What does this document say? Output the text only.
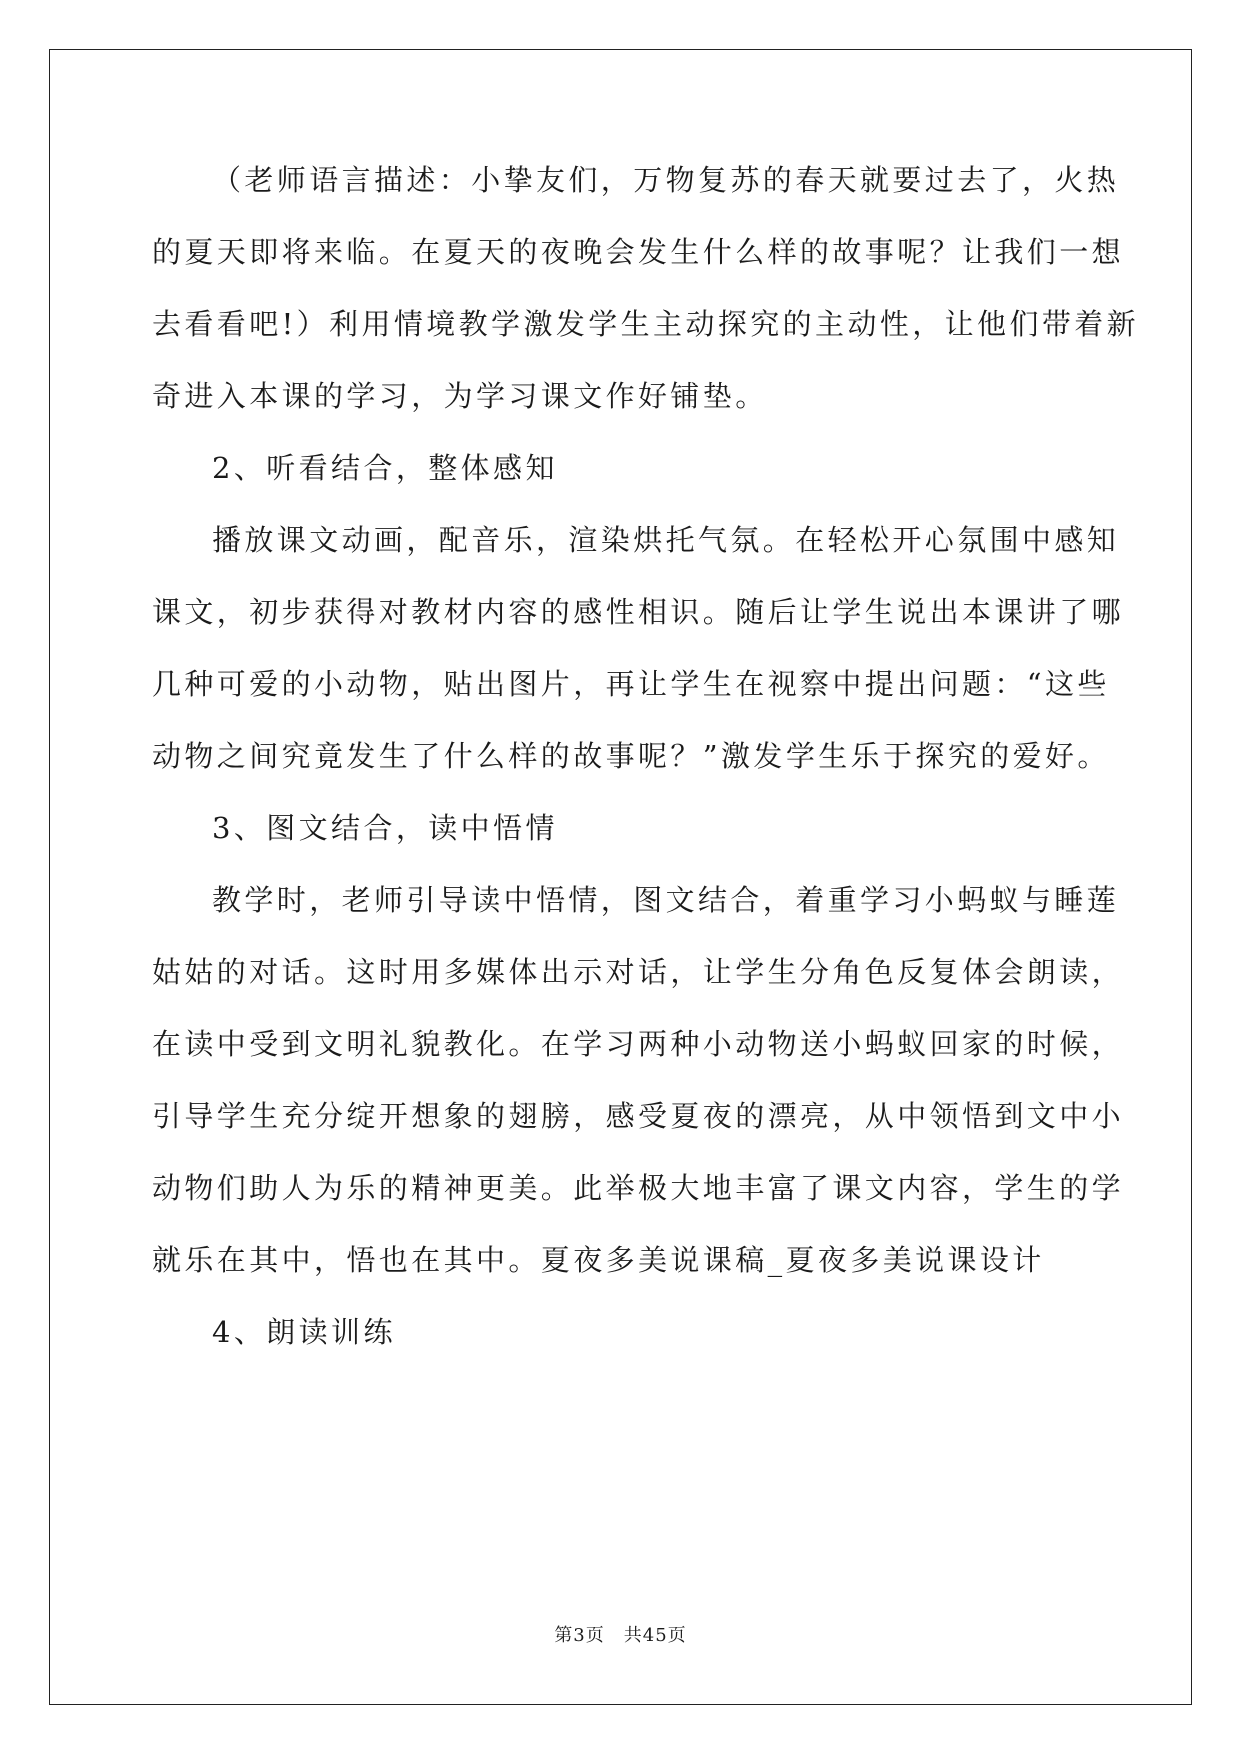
（老师语言描述：小挚友们，万物复苏的春天就要过去了，火热
的夏天即将来临。在夏天的夜晚会发生什么样的故事呢？让我们一想
去看看吧!）利用情境教学激发学生主动探究的主动性，让他们带着新
奇进入本课的学习，为学习课文作好铺垫。
2、听看结合，整体感知
播放课文动画，配音乐，渲染烘托气氛。在轻松开心氛围中感知
课文，初步获得对教材内容的感性相识。随后让学生说出本课讲了哪
几种可爱的小动物，贴出图片，再让学生在视察中提出问题：“这些
动物之间究竟发生了什么样的故事呢？”激发学生乐于探究的爱好。
3、图文结合，读中悟情
教学时，老师引导读中悟情，图文结合，着重学习小蚂蚁与睡莲
姑姑的对话。这时用多媒体出示对话，让学生分角色反复体会朗读，
在读中受到文明礼貌教化。在学习两种小动物送小蚂蚁回家的时候，
引导学生充分绽开想象的翅膀，感受夏夜的漂亮，从中领悟到文中小
动物们助人为乐的精神更美。此举极大地丰富了课文内容，学生的学
就乐在其中，悟也在其中。夏夜多美说课稿_夏夜多美说课设计
4、朗读训练
第3页　共45页
